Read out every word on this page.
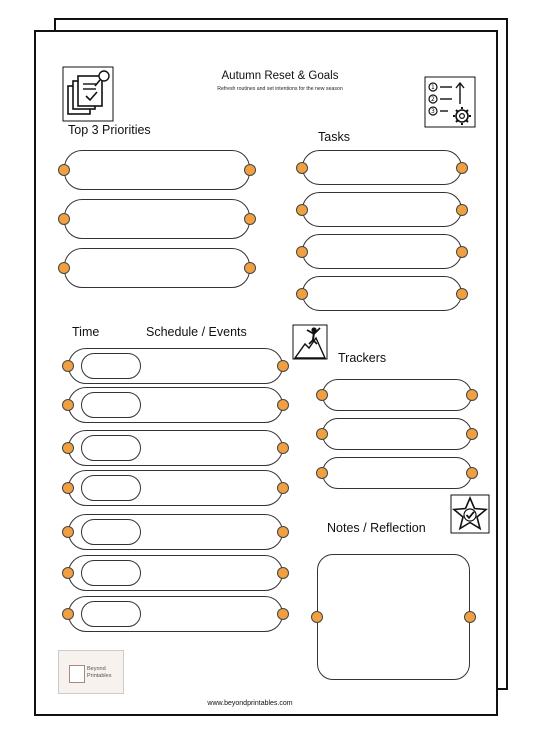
Autumn Reset & Goals
Refresh routines and set intentions for the new season	1
2
3
Top 3 Priorities	Tasks
Time	Schedule / Events
Trackers
Notes / Reflection
Beyond
Printables
www.beyondprintables.com
